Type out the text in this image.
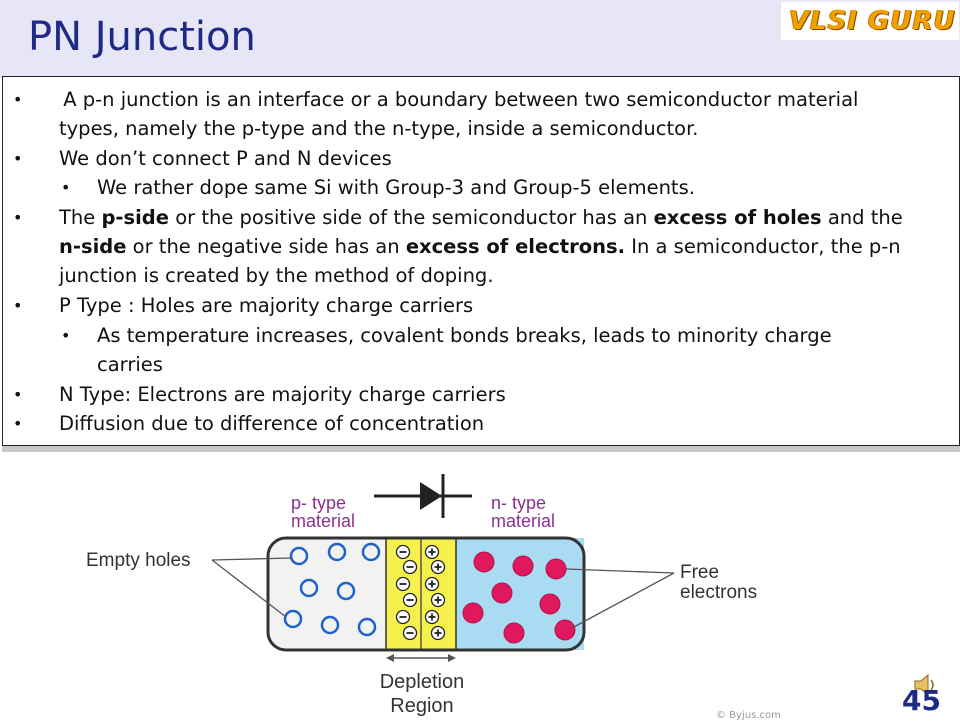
PN Junction	VLSI GURU
• A p-n junction is an interface or a boundary between two semiconductor material
types, namely the p-type and the n-type, inside a semiconductor.
• We don’t connect P and N devices
• We rather dope same Si with Group-3 and Group-5 elements.
• The p-side or the positive side of the semiconductor has an excess of holes and the
n-side or the negative side has an excess of electrons. In a semiconductor, the p-n
junction is created by the method of doping.
• P Type : Holes are majority charge carriers
• As temperature increases, covalent bonds breaks, leads to minority charge
carries
• N Type: Electrons are majority charge carriers
• Diffusion due to difference of concentration
p- type
material
n- type
material
Empty holes
Free
electrons
Depletion
Region	© Byjus.com	45
